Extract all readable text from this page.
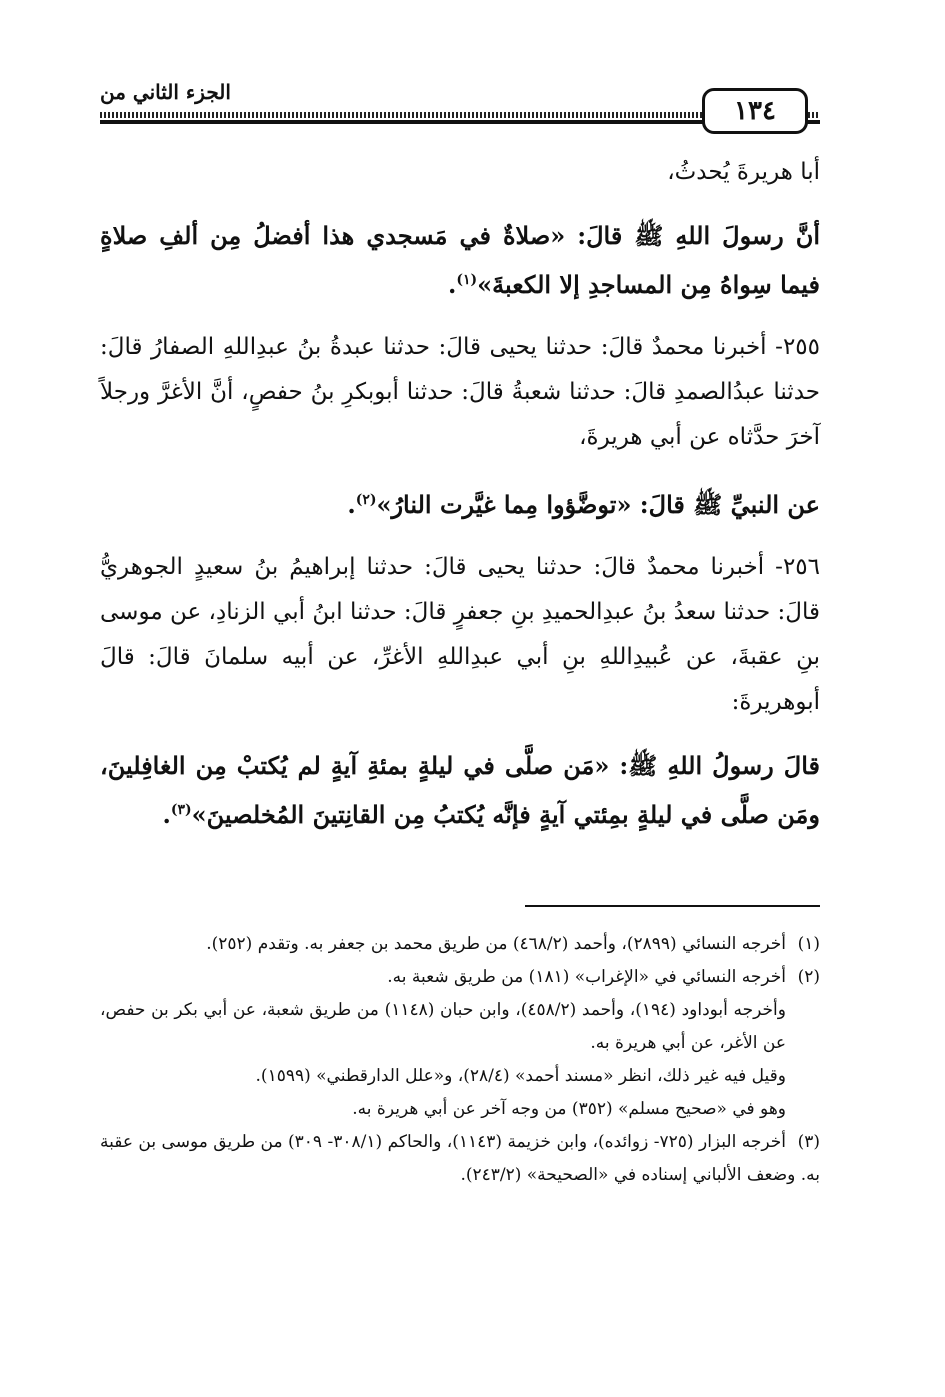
١٣٤
الجزء الثاني من

أبا هريرةَ يُحدثُ،

أنَّ رسولَ اللهِ ﷺ قالَ: «صلاةٌ في مَسجدي هذا أفضلُ مِن ألفِ صلاةٍ فيما سِواهُ مِن المساجدِ إلا الكعبةَ»$^{(١)}$.

٢٥٥- أخبرنا محمدٌ قالَ: حدثنا يحيى قالَ: حدثنا عبدةُ بنُ عبدِاللهِ الصفارُ قالَ: حدثنا عبدُالصمدِ قالَ: حدثنا شعبةُ قالَ: حدثنا أبوبكرِ بنُ حفصٍ، أنَّ الأغرَّ ورجلاً آخرَ حدَّثاه عن أبي هريرةَ،

عن النبيِّ ﷺ قالَ: «توضَّؤوا مِما غيَّرت النارُ»$^{(٢)}$.

٢٥٦- أخبرنا محمدٌ قالَ: حدثنا يحيى قالَ: حدثنا إبراهيمُ بنُ سعيدٍ الجوهريُّ قالَ: حدثنا سعدُ بنُ عبدِالحميدِ بنِ جعفرٍ قالَ: حدثنا ابنُ أبي الزنادِ، عن موسى بنِ عقبةَ، عن عُبيدِاللهِ بنِ أبي عبدِاللهِ الأغرِّ، عن أبيه سلمانَ قالَ: قالَ أبوهريرةَ:

قالَ رسولُ اللهِ ﷺ: «مَن صلَّى في ليلةٍ بمئةِ آيةٍ لم يُكتبْ مِن الغافِلينَ، ومَن صلَّى في ليلةٍ بمِئتي آيةٍ فإنَّه يُكتبُ مِن القانِتينَ المُخلصينَ»$^{(٣)}$.

(١)أخرجه النسائي (٢٨٩٩)، وأحمد (٤٦٨/٢) من طريق محمد بن جعفر به. وتقدم (٢٥٢).

(٢)أخرجه النسائي في «الإغراب» (١٨١) من طريق شعبة به.

وأخرجه أبوداود (١٩٤)، وأحمد (٤٥٨/٢)، وابن حبان (١١٤٨) من طريق شعبة، عن أبي بكر بن حفص، عن الأغر، عن أبي هريرة به.

وقيل فيه غير ذلك، انظر «مسند أحمد» (٢٨/٤)، و«علل الدارقطني» (١٥٩٩).

وهو في «صحيح مسلم» (٣٥٢) من وجه آخر عن أبي هريرة به.

(٣)أخرجه البزار (٧٢٥- زوائده)، وابن خزيمة (١١٤٣)، والحاكم (٣٠٨/١- ٣٠٩) من طريق موسى بن عقبة به. وضعف الألباني إسناده في «الصحيحة» (٢٤٣/٢).
